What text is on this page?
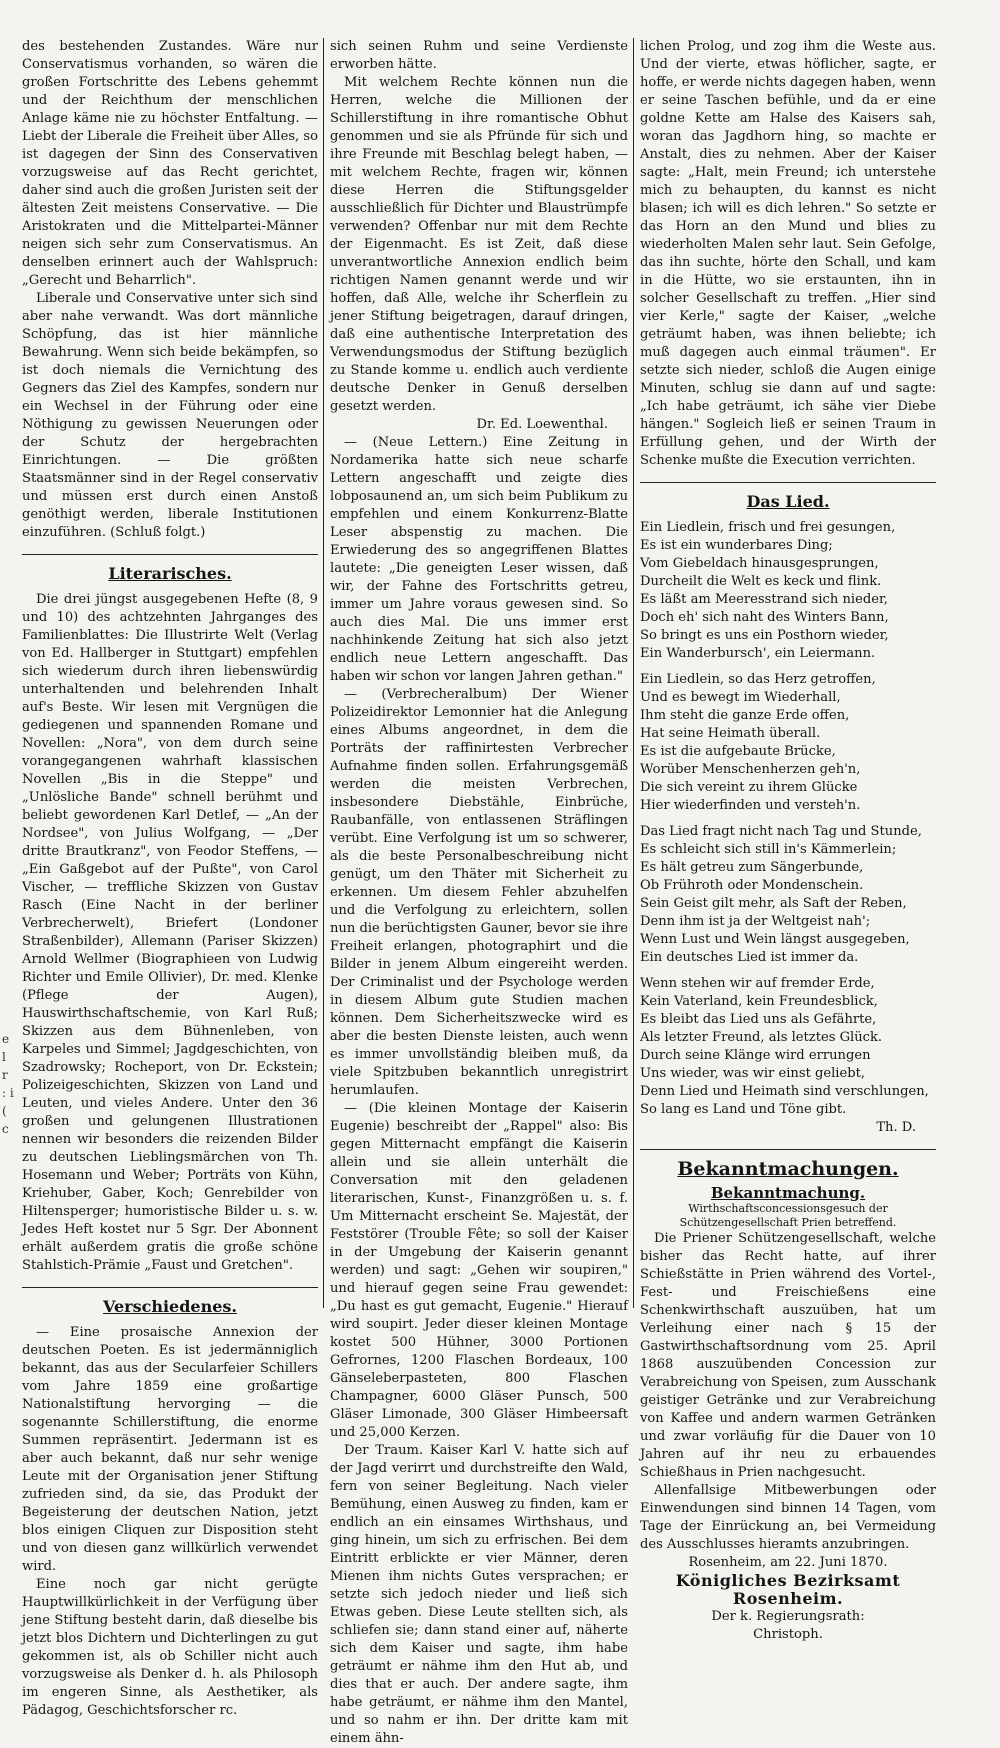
e l r : i ( c

des bestehenden Zustandes. Wäre nur Conservatismus vorhanden, so wären die großen Fortschritte des Lebens gehemmt und der Reichthum der menschlichen Anlage käme nie zu höchster Entfaltung. — Liebt der Liberale die Freiheit über Alles, so ist dagegen der Sinn des Conservativen vorzugsweise auf das Recht gerichtet, daher sind auch die großen Juristen seit der ältesten Zeit meistens Conservative. — Die Aristokraten und die Mittelpartei-Männer neigen sich sehr zum Conservatismus. An denselben erinnert auch der Wahlspruch: „Gerecht und Beharrlich".

Liberale und Conservative unter sich sind aber nahe verwandt. Was dort männliche Schöpfung, das ist hier männliche Bewahrung. Wenn sich beide bekämpfen, so ist doch niemals die Vernichtung des Gegners das Ziel des Kampfes, sondern nur ein Wechsel in der Führung oder eine Nöthigung zu gewissen Neuerungen oder der Schutz der hergebrachten Einrichtungen. — Die größten Staatsmänner sind in der Regel conservativ und müssen erst durch einen Anstoß genöthigt werden, liberale Institutionen einzuführen. (Schluß folgt.)

Literarisches.

Die drei jüngst ausgegebenen Hefte (8, 9 und 10) des achtzehnten Jahrganges des Familienblattes: Die Illustrirte Welt (Verlag von Ed. Hallberger in Stuttgart) empfehlen sich wiederum durch ihren liebenswürdig unterhaltenden und belehrenden Inhalt auf's Beste. Wir lesen mit Vergnügen die gediegenen und spannenden Romane und Novellen: „Nora", von dem durch seine vorangegangenen wahrhaft klassischen Novellen „Bis in die Steppe" und „Unlösliche Bande" schnell berühmt und beliebt gewordenen Karl Detlef, — „An der Nordsee", von Julius Wolfgang, — „Der dritte Brautkranz", von Feodor Steffens, — „Ein Gaßgebot auf der Pußte", von Carol Vischer, — treffliche Skizzen von Gustav Rasch (Eine Nacht in der berliner Verbrecherwelt), Briefert (Londoner Straßenbilder), Allemann (Pariser Skizzen) Arnold Wellmer (Biographieen von Ludwig Richter und Emile Ollivier), Dr. med. Klenke (Pflege der Augen), Hauswirthschaftschemie, von Karl Ruß; Skizzen aus dem Bühnenleben, von Karpeles und Simmel; Jagdgeschichten, von Szadrowsky; Rocheport, von Dr. Eckstein; Polizeigeschichten, Skizzen von Land und Leuten, und vieles Andere. Unter den 36 großen und gelungenen Illustrationen nennen wir besonders die reizenden Bilder zu deutschen Lieblingsmärchen von Th. Hosemann und Weber; Porträts von Kühn, Kriehuber, Gaber, Koch; Genrebilder von Hiltensperger; humoristische Bilder u. s. w. Jedes Heft kostet nur 5 Sgr. Der Abonnent erhält außerdem gratis die große schöne Stahlstich-Prämie „Faust und Gretchen".

Verschiedenes.

— Eine prosaische Annexion der deutschen Poeten. Es ist jedermänniglich bekannt, das aus der Secularfeier Schillers vom Jahre 1859 eine großartige Nationalstiftung hervorging — die sogenannte Schillerstiftung, die enorme Summen repräsentirt. Jedermann ist es aber auch bekannt, daß nur sehr wenige Leute mit der Organisation jener Stiftung zufrieden sind, da sie, das Produkt der Begeisterung der deutschen Nation, jetzt blos einigen Cliquen zur Disposition steht und von diesen ganz willkürlich verwendet wird.

Eine noch gar nicht gerügte Hauptwillkürlichkeit in der Verfügung über jene Stiftung besteht darin, daß dieselbe bis jetzt blos Dichtern und Dichterlingen zu gut gekommen ist, als ob Schiller nicht auch vorzugsweise als Denker d. h. als Philosoph im engeren Sinne, als Aesthetiker, als Pädagog, Geschichtsforscher rc.

sich seinen Ruhm und seine Verdienste erworben hätte.

Mit welchem Rechte können nun die Herren, welche die Millionen der Schillerstiftung in ihre romantische Obhut genommen und sie als Pfründe für sich und ihre Freunde mit Beschlag belegt haben, — mit welchem Rechte, fragen wir, können diese Herren die Stiftungsgelder ausschließlich für Dichter und Blaustrümpfe verwenden? Offenbar nur mit dem Rechte der Eigenmacht. Es ist Zeit, daß diese unverantwortliche Annexion endlich beim richtigen Namen genannt werde und wir hoffen, daß Alle, welche ihr Scherflein zu jener Stiftung beigetragen, darauf dringen, daß eine authentische Interpretation des Verwendungsmodus der Stiftung bezüglich zu Stande komme u. endlich auch verdiente deutsche Denker in Genuß derselben gesetzt werden.

Dr. Ed. Loewenthal.

— (Neue Lettern.) Eine Zeitung in Nordamerika hatte sich neue scharfe Lettern angeschafft und zeigte dies lobposaunend an, um sich beim Publikum zu empfehlen und einem Konkurrenz-Blatte Leser abspenstig zu machen. Die Erwiederung des so angegriffenen Blattes lautete: „Die geneigten Leser wissen, daß wir, der Fahne des Fortschritts getreu, immer um Jahre voraus gewesen sind. So auch dies Mal. Die uns immer erst nachhinkende Zeitung hat sich also jetzt endlich neue Lettern angeschafft. Das haben wir schon vor langen Jahren gethan."

— (Verbrecheralbum) Der Wiener Polizeidirektor Lemonnier hat die Anlegung eines Albums angeordnet, in dem die Porträts der raffinirtesten Verbrecher Aufnahme finden sollen. Erfahrungsgemäß werden die meisten Verbrechen, insbesondere Diebstähle, Einbrüche, Raubanfälle, von entlassenen Sträflingen verübt. Eine Verfolgung ist um so schwerer, als die beste Personalbeschreibung nicht genügt, um den Thäter mit Sicherheit zu erkennen. Um diesem Fehler abzuhelfen und die Verfolgung zu erleichtern, sollen nun die berüchtigsten Gauner, bevor sie ihre Freiheit erlangen, photographirt und die Bilder in jenem Album eingereiht werden. Der Criminalist und der Psychologe werden in diesem Album gute Studien machen können. Dem Sicherheitszwecke wird es aber die besten Dienste leisten, auch wenn es immer unvollständig bleiben muß, da viele Spitzbuben bekanntlich unregistrirt herumlaufen.

— (Die kleinen Montage der Kaiserin Eugenie) beschreibt der „Rappel" also: Bis gegen Mitternacht empfängt die Kaiserin allein und sie allein unterhält die Conversation mit den geladenen literarischen, Kunst-, Finanzgrößen u. s. f. Um Mitternacht erscheint Se. Majestät, der Feststörer (Trouble Fête; so soll der Kaiser in der Umgebung der Kaiserin genannt werden) und sagt: „Gehen wir soupiren," und hierauf gegen seine Frau gewendet: „Du hast es gut gemacht, Eugenie." Hierauf wird soupirt. Jeder dieser kleinen Montage kostet 500 Hühner, 3000 Portionen Gefrornes, 1200 Flaschen Bordeaux, 100 Gänseleberpasteten, 800 Flaschen Champagner, 6000 Gläser Punsch, 500 Gläser Limonade, 300 Gläser Himbeersaft und 25,000 Kerzen.

Der Traum. Kaiser Karl V. hatte sich auf der Jagd verirrt und durchstreifte den Wald, fern von seiner Begleitung. Nach vieler Bemühung, einen Ausweg zu finden, kam er endlich an ein einsames Wirthshaus, und ging hinein, um sich zu erfrischen. Bei dem Eintritt erblickte er vier Männer, deren Mienen ihm nichts Gutes versprachen; er setzte sich jedoch nieder und ließ sich Etwas geben. Diese Leute stellten sich, als schliefen sie; dann stand einer auf, näherte sich dem Kaiser und sagte, ihm habe geträumt er nähme ihm den Hut ab, und dies that er auch. Der andere sagte, ihm habe geträumt, er nähme ihm den Mantel, und so nahm er ihn. Der dritte kam mit einem ähn-

lichen Prolog, und zog ihm die Weste aus. Und der vierte, etwas höflicher, sagte, er hoffe, er werde nichts dagegen haben, wenn er seine Taschen befühle, und da er eine goldne Kette am Halse des Kaisers sah, woran das Jagdhorn hing, so machte er Anstalt, dies zu nehmen. Aber der Kaiser sagte: „Halt, mein Freund; ich unterstehe mich zu behaupten, du kannst es nicht blasen; ich will es dich lehren." So setzte er das Horn an den Mund und blies zu wiederholten Malen sehr laut. Sein Gefolge, das ihn suchte, hörte den Schall, und kam in die Hütte, wo sie erstaunten, ihn in solcher Gesellschaft zu treffen. „Hier sind vier Kerle," sagte der Kaiser, „welche geträumt haben, was ihnen beliebte; ich muß dagegen auch einmal träumen". Er setzte sich nieder, schloß die Augen einige Minuten, schlug sie dann auf und sagte: „Ich habe geträumt, ich sähe vier Diebe hängen." Sogleich ließ er seinen Traum in Erfüllung gehen, und der Wirth der Schenke mußte die Execution verrichten.

Das Lied.

Ein Liedlein, frisch und frei gesungen,

Es ist ein wunderbares Ding;

Vom Giebeldach hinausgesprungen,

Durcheilt die Welt es keck und flink.

Es läßt am Meeresstrand sich nieder,

Doch eh' sich naht des Winters Bann,

So bringt es uns ein Posthorn wieder,

Ein Wanderbursch', ein Leiermann.

Ein Liedlein, so das Herz getroffen,

Und es bewegt im Wiederhall,

Ihm steht die ganze Erde offen,

Hat seine Heimath überall.

Es ist die aufgebaute Brücke,

Worüber Menschenherzen geh'n,

Die sich vereint zu ihrem Glücke

Hier wiederfinden und versteh'n.

Das Lied fragt nicht nach Tag und Stunde,

Es schleicht sich still in's Kämmerlein;

Es hält getreu zum Sängerbunde,

Ob Frühroth oder Mondenschein.

Sein Geist gilt mehr, als Saft der Reben,

Denn ihm ist ja der Weltgeist nah';

Wenn Lust und Wein längst ausgegeben,

Ein deutsches Lied ist immer da.

Wenn stehen wir auf fremder Erde,

Kein Vaterland, kein Freundesblick,

Es bleibt das Lied uns als Gefährte,

Als letzter Freund, als letztes Glück.

Durch seine Klänge wird errungen

Uns wieder, was wir einst geliebt,

Denn Lied und Heimath sind verschlungen,

So lang es Land und Töne gibt.

Th. D.

Bekanntmachungen.
Bekanntmachung.

Wirthschaftsconcessionsgesuch der Schützengesellschaft Prien betreffend.

Die Priener Schützengesellschaft, welche bisher das Recht hatte, auf ihrer Schießstätte in Prien während des Vortel-, Fest- und Freischießens eine Schenkwirthschaft auszuüben, hat um Verleihung einer nach § 15 der Gastwirthschaftsordnung vom 25. April 1868 auszuübenden Concession zur Verabreichung von Speisen, zum Ausschank geistiger Getränke und zur Verabreichung von Kaffee und andern warmen Getränken und zwar vorläufig für die Dauer von 10 Jahren auf ihr neu zu erbauendes Schießhaus in Prien nachgesucht.

Allenfallsige Mitbewerbungen oder Einwendungen sind binnen 14 Tagen, vom Tage der Einrückung an, bei Vermeidung des Ausschlusses hieramts anzubringen.

Rosenheim, am 22. Juni 1870.

Königliches Bezirksamt Rosenheim.

Der k. Regierungsrath:

Christoph.
